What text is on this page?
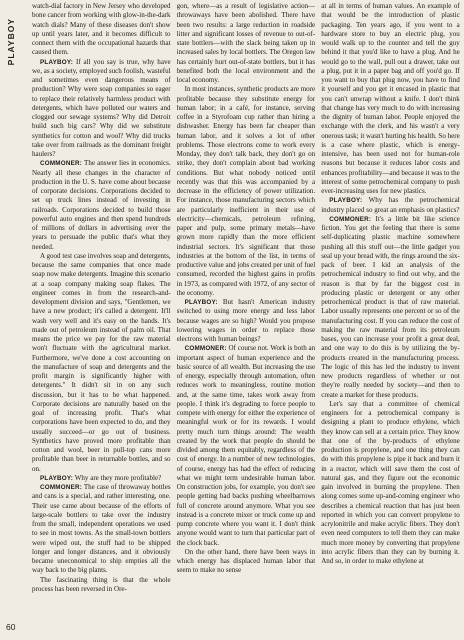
PLAYBOY

watch-dial factory in New Jersey who developed bone cancer from working with glow-in-the-dark watch dials? Many of these diseases don't show up until years later, and it becomes difficult to connect them with the occupational hazards that caused them.

PLAYBOY: If all you say is true, why have we, as a society, employed such foolish, wasteful and sometimes even dangerous means of production? Why were soap companies so eager to replace their relatively harmless product with detergents, which have polluted our waters and clogged our sewage systems? Why did Detroit build such big cars? Why did we substitute synthetics for cotton and wool? Why did trucks take over from railroads as the dominant freight haulers?

COMMONER: The answer lies in economics. Nearly all these changes in the character of production in the U. S. have come about because of corporate decisions. Corporations decided to set up truck lines instead of investing in railroads. Corporations decided to build those powerful auto engines and then spend hundreds of millions of dollars in advertising over the years to persuade the public that's what they needed.

A good test case involves soap and detergents, because the same companies that once made soap now make detergents. Imagine this scenario at a soap company making soap flakes. The engineer comes in from the research-and-development division and says, "Gentlemen, we have a new product; it's called a detergent. It'll wash very well and it's easy on the hands. It's made out of petroleum instead of palm oil. That means the price we pay for the raw material won't fluctuate with the agricultural market. Furthermore, we've done a cost accounting on the manufacture of soap and detergents and the profit margin is significantly higher with detergents." It didn't sit in on any such discussion, but it has to be what happened. Corporate decisions are naturally based on the goal of increasing profit. That's what corporations have been expected to do, and they usually succeed—or go out of business. Synthetics have proved more profitable than cotton and wool, beer in pull-top cans more profitable than beer in returnable bottles, and so on.

PLAYBOY: Why are they more profitable?

COMMONER: The case of throwaway bottles and cans is a special, and rather interesting, one. Their use came about because of the efforts of large-scale bottlers to take over the industry from the small, independent operations we used to see in most towns. As the small-town bottlers were wiped out, the stuff had to be shipped longer and longer distances, and it obviously became uneconomical to ship empties all the way back to the big plants.

The fascinating thing is that the whole process has been reversed in Ore-

gon, where—as a result of legislative action—throwaways have been abolished. There have been two results: a large reduction in roadside litter and significant losses of revenue to out-of-state bottlers—with the slack being taken up in increased sales by local bottlers. The Oregon law has certainly hurt out-of-state bottlers, but it has benefited both the local environment and the local economy.

In most instances, synthetic products are more profitable because they substitute energy for human labor; in a café, for instance, serving coffee in a Styrofoam cup rather than hiring a dishwasher. Energy has been far cheaper than human labor, and it solves a lot of other problems. Those electrons come to work every Monday, they don't talk back, they don't go on strike, they don't complain about bad working conditions. But what nobody noticed until recently was that this was accompanied by a decrease in the efficiency of power utilization. For instance, those manufacturing sectors which are particularly inefficient in their use of electricity—chemicals, petroleum refining, paper and pulp, some primary metals—have grown more rapidly than the more efficient industrial sectors. It's significant that those industries at the bottom of the list, in terms of productive value and jobs created per unit of fuel consumed, recorded the highest gains in profits in 1973, as compared with 1972, of any sector of the economy.

PLAYBOY: But hasn't American industry switched to using more energy and less labor because wages are so high? Would you propose lowering wages in order to replace those electrons with human beings?

COMMONER: Of course not. Work is both an important aspect of human experience and the basic source of all wealth. But increasing the use of energy, especially through automation, often reduces work to meaningless, routine motion and, at the same time, takes work away from people. I think it's degrading to force people to compete with energy for either the experience of meaningful work or for its rewards. I would pretty much turn things around: The wealth created by the work that people do should be divided among them equitably, regardless of the cost of energy. In a number of new technologies, of course, energy has had the effect of reducing what we might term undesirable human labor. On construction jobs, for example, you don't see people getting bad backs pushing wheelbarrows full of concrete around anymore. What you see instead is a concrete mixer or truck come up and pump concrete where you want it. I don't think anyone would want to turn that particular part of the clock back.

On the other hand, there have been ways in which energy has displaced human labor that seem to make no sense

at all in terms of human values. An example of that would be the introduction of plastic packaging. Ten years ago, if you went to a hardware store to buy an electric plug, you would walk up to the counter and tell the guy behind it that you'd like to have a plug. And he would go to the wall, pull out a drawer, take out a plug, put it in a paper bag and off you'd go. If you want to buy that plug now, you have to find it yourself and you get it encased in plastic that you can't unwrap without a knife. I don't think that change has very much to do with increasing the dignity of human labor. People enjoyed the exchange with the clerk, and his wasn't a very onerous task; it wasn't hurting his health. So here is a case where plastic, which is energy-intensive, has been used not for human-role reasons but because it reduces labor costs and enhances profitability—and because it was to the interest of some petrochemical company to push ever-increasing uses for new plastics.

PLAYBOY: Why has the petrochemical industry placed so great an emphasis on plastics?

COMMONER: It's a little bit like science fiction. You get the feeling that there is some self-duplicating plastic machine somewhere pushing all this stuff out—the little gadget you seal up your bread with, the rings around the six-pack of beer. I kid an analysis of the petrochemical industry to find out why, and the reason is that by far the biggest cost in producing plastic or detergent or any other petrochemical product is that of raw material. Labor usually represents one percent or so of the manufacturing cost. If you can reduce the cost of making the raw material from its petroleum bases, you can increase your profit a great deal, and one way to do this is by utilizing the by-products created in the manufacturing process. The logic of this has led the industry to invent new products regardless of whether or not they're really needed by society—and then to create a market for these products.

Let's say that a committee of chemical engineers for a petrochemical company is designing a plant to produce ethylene, which they know can sell at a certain price. They know that one of the by-products of ethylene production is propylene, and one thing they can do with this propylene is pipe it back and burn it in a reactor, which will save them the cost of natural gas, and they figure out the economic gain involved in burning the propylene. Then along comes some up-and-coming engineer who describes a chemical reaction that has just been reported in which you can convert propylene to acrylonitrile and make acrylic fibers. They don't even need computers to tell them they can make much more money by converting that propylene into acrylic fibers than they can by burning it. And so, in order to make ethylene at

60
